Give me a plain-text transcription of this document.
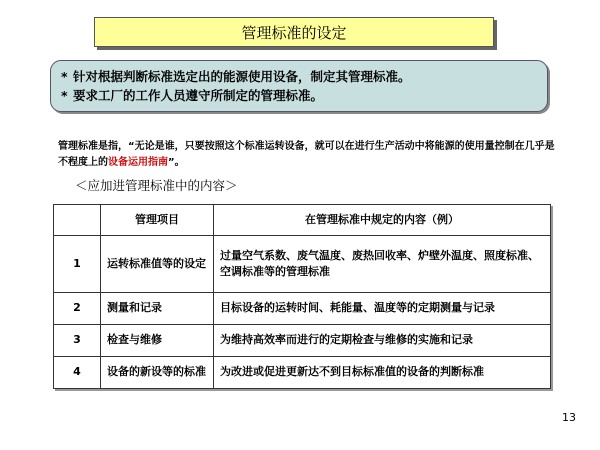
管理标准的设定
* 针对根据判断标准选定出的能源使用设备，制定其管理标准。
* 要求工厂的工作人员遵守所制定的管理标准。
管理标准是指，“无论是谁，只要按照这个标准运转设备，就可以在进行生产活动中将能源的使用量控制在几乎是不程度上的设备运用指南”。
＜应加进管理标准中的内容＞
	管理项目	在管理标准中规定的内容（例）
1	运转标准值等的设定	过量空气系数、废气温度、废热回收率、炉壁外温度、照度标准、空调标准等的管理标准
2	测量和记录	目标设备的运转时间、耗能量、温度等的定期测量与记录
3	检查与维修	为维持高效率而进行的定期检查与维修的实施和记录
4	设备的新设等的标准	为改进或促进更新达不到目标标准值的设备的判断标准
13
